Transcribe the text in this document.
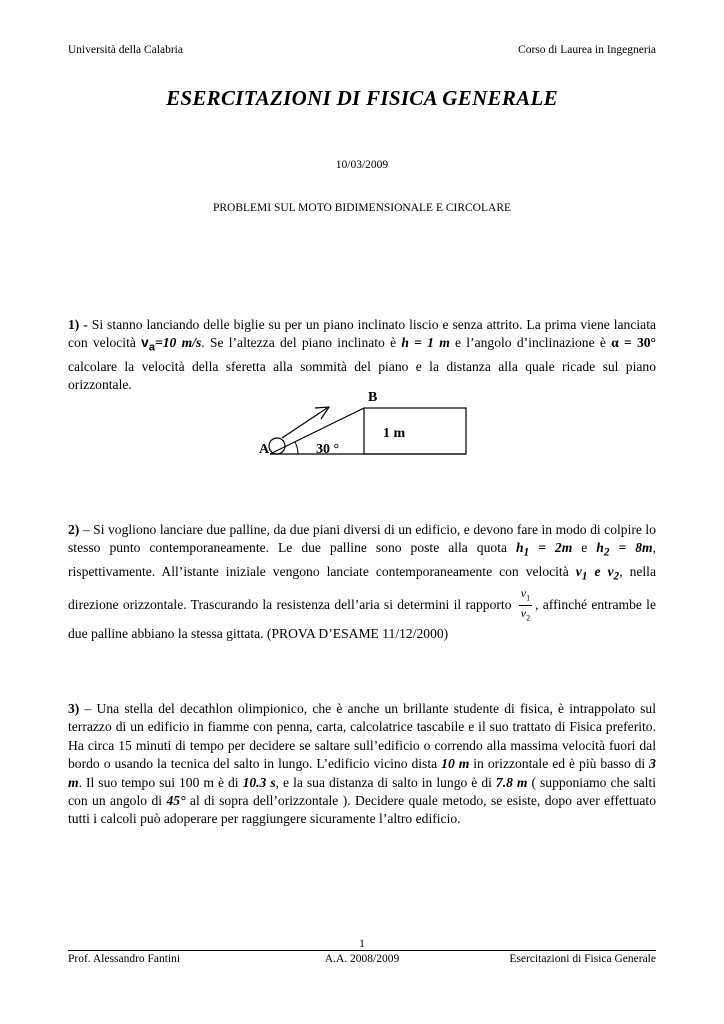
Università della Calabria	Corso di Laurea in Ingegneria
ESERCITAZIONI DI FISICA GENERALE
10/03/2009
PROBLEMI SUL MOTO BIDIMENSIONALE E CIRCOLARE
1) - Si stanno lanciando delle biglie su per un piano inclinato liscio e senza attrito. La prima viene lanciata con velocità $v_a=10$ m/s. Se l’altezza del piano inclinato è h = 1 m e l’angolo d’inclinazione è α = 30° calcolare la velocità della sferetta alla sommità del piano e la distanza alla quale ricade sul piano orizzontale.
A
B
1 m
30 °
2) – Si vogliono lanciare due palline, da due piani diversi di un edificio, e devono fare in modo di colpire lo stesso punto contemporaneamente. Le due palline sono poste alla quota $h_1 = 2m$ e $h_2 = 8m$, rispettivamente. All’istante iniziale vengono lanciate contemporaneamente con velocità $v_1$ e $v_2$, nella direzione orizzontale. Trascurando la resistenza dell’aria si determini il rapporto $\frac{v_1}{v_2}$ , affinché entrambe le due palline abbiano la stessa gittata. (PROVA D’ESAME 11/12/2000)
3) – Una stella del decathlon olimpionico, che è anche un brillante studente di fisica, è intrappolato sul terrazzo di un edificio in fiamme con penna, carta, calcolatrice tascabile e il suo trattato di Fisica preferito. Ha circa 15 minuti di tempo per decidere se saltare sull’edificio o correndo alla massima velocità fuori dal bordo o usando la tecnica del salto in lungo. L’edificio vicino dista 10 m in orizzontale ed è più basso di 3 m. Il suo tempo sui 100 m è di 10.3 s, e la sua distanza di salto in lungo è di 7.8 m ( supponiamo che salti con un angolo di 45° al di sopra dell’orizzontale ). Decidere quale metodo, se esiste, dopo aver effettuato tutti i calcoli può adoperare per raggiungere sicuramente l’altro edificio.
1
Prof. Alessandro Fantini	A.A. 2008/2009	Esercitazioni di Fisica Generale
